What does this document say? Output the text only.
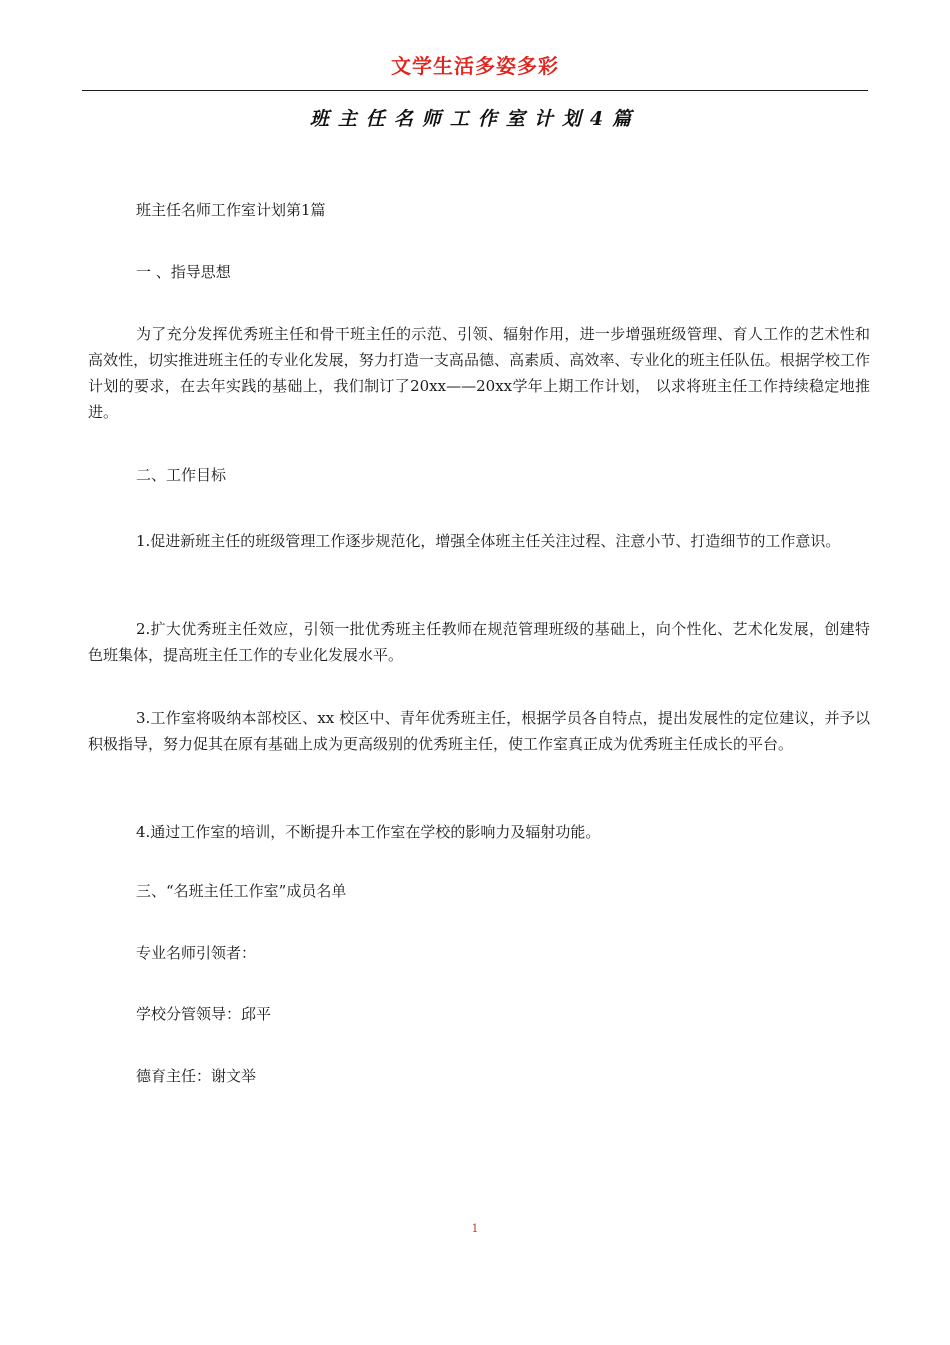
文学生活多姿多彩
班主任名师工作室计划4篇

班主任名师工作室计划第1篇

一 、指导思想

为了充分发挥优秀班主任和骨干班主任的示范、引领、辐射作用，进一步增强班级管理、育人工作的艺术性和高效性，切实推进班主任的专业化发展，努力打造一支高品德、高素质、高效率、专业化的班主任队伍。根据学校工作计划的要求，在去年实践的基础上，我们制订了20xx——20xx学年上期工作计划， 以求将班主任工作持续稳定地推进。

二、工作目标

1.促进新班主任的班级管理工作逐步规范化，增强全体班主任关注过程、注意小节、打造细节的工作意识。

2.扩大优秀班主任效应，引领一批优秀班主任教师在规范管理班级的基础上，向个性化、艺术化发展，创建特色班集体，提高班主任工作的专业化发展水平。

3.工作室将吸纳本部校区、xx 校区中、青年优秀班主任，根据学员各自特点，提出发展性的定位建议，并予以积极指导，努力促其在原有基础上成为更高级别的优秀班主任，使工作室真正成为优秀班主任成长的平台。

4.通过工作室的培训，不断提升本工作室在学校的影响力及辐射功能。

三、“名班主任工作室”成员名单

专业名师引领者：

学校分管领导：邱平

德育主任：谢文举

1
